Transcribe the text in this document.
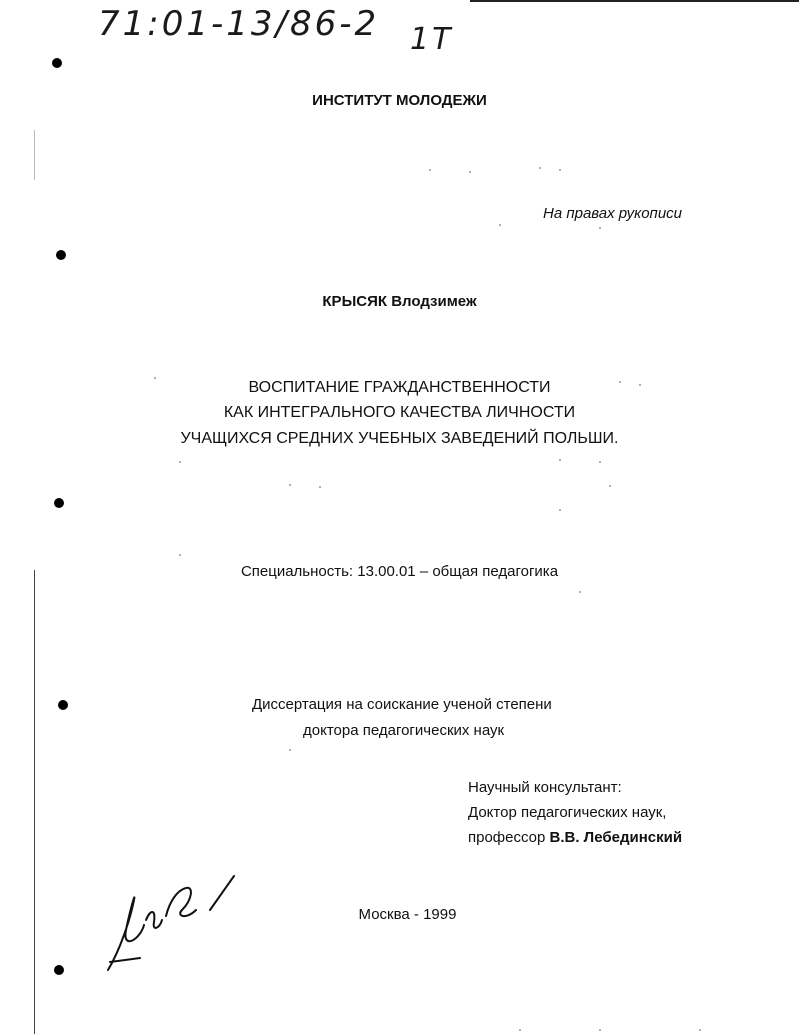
71:01-13/86-2 1Т
ИНСТИТУТ МОЛОДЕЖИ
На правах рукописи
КРЫСЯК Влодзимеж
ВОСПИТАНИЕ ГРАЖДАНСТВЕННОСТИ
КАК ИНТЕГРАЛЬНОГО КАЧЕСТВА ЛИЧНОСТИ
УЧАЩИХСЯ СРЕДНИХ УЧЕБНЫХ ЗАВЕДЕНИЙ ПОЛЬШИ.
Специальность: 13.00.01 – общая педагогика
Диссертация на соискание ученой степени
доктора педагогических наук
Научный консультант:
Доктор педагогических наук,
профессор В.В. Лебединский
Москва - 1999
